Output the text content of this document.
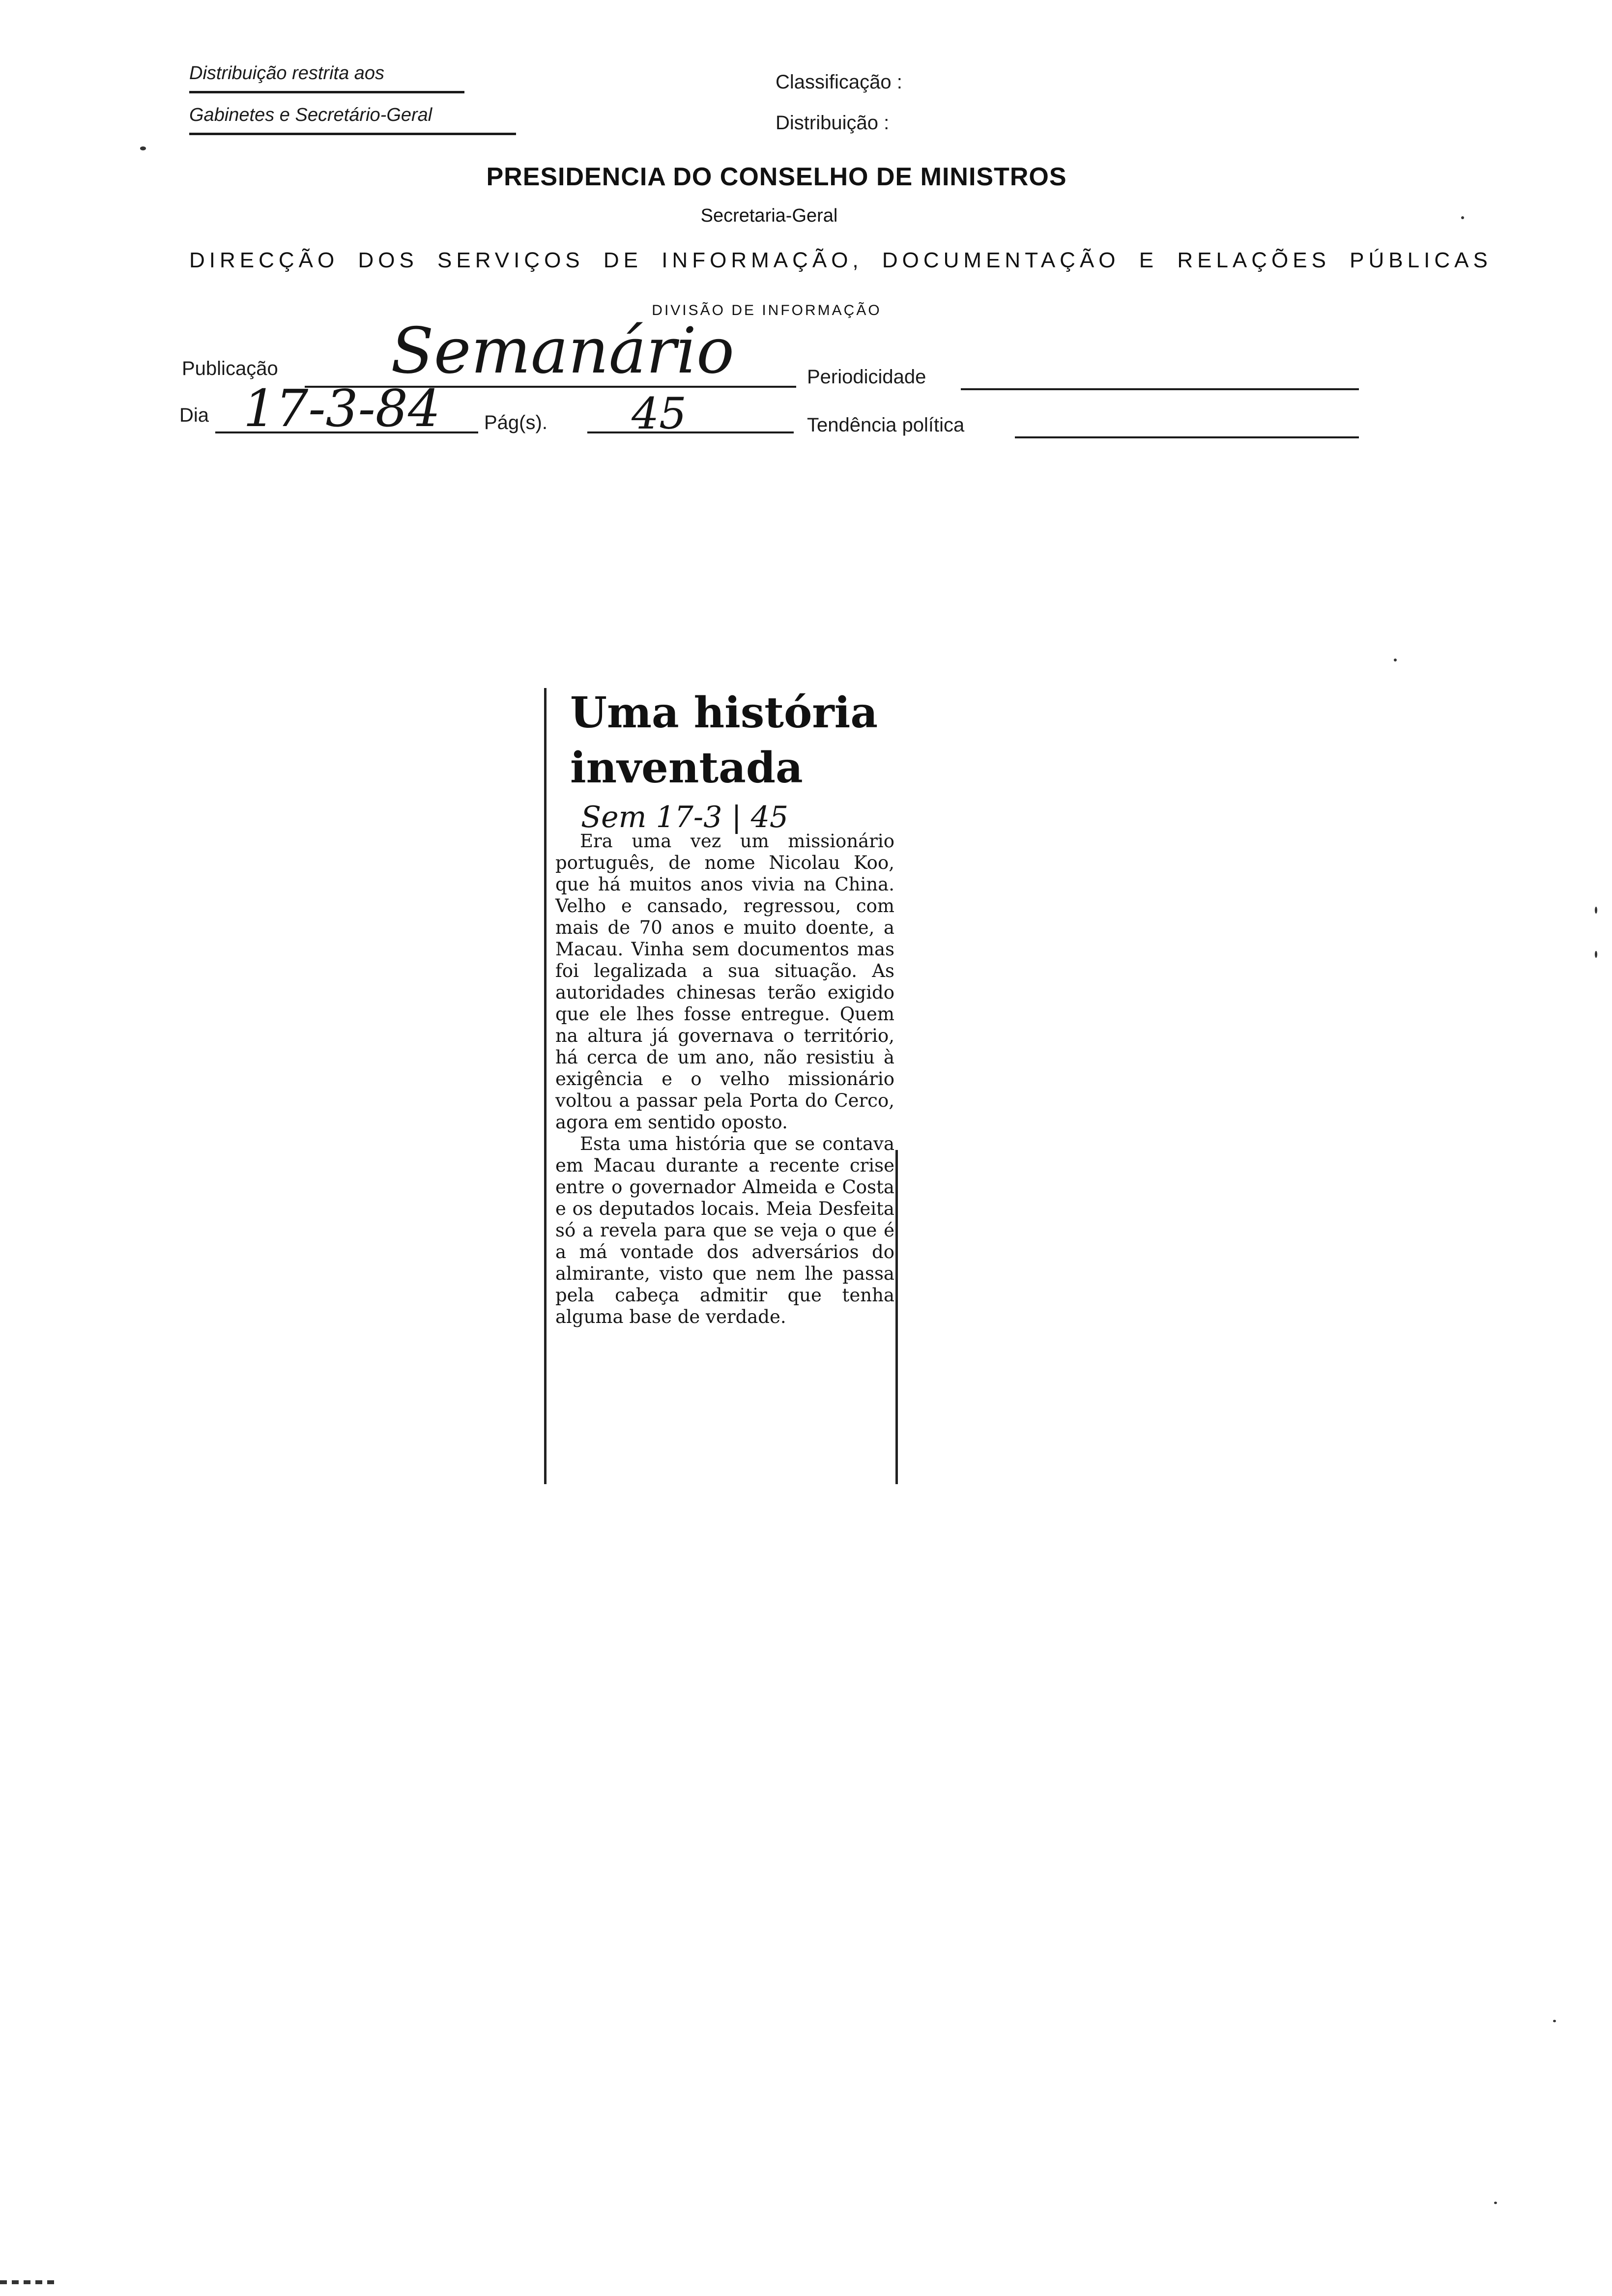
Distribuição restrita aos
Gabinetes e Secretário-Geral
Classificação :
Distribuição :
PRESIDENCIA DO CONSELHO DE MINISTROS
Secretaria-Geral
DIRECÇÃO DOS SERVIÇOS DE INFORMAÇÃO, DOCUMENTAÇÃO E RELAÇÕES PÚBLICAS
DIVISÃO DE INFORMAÇÃO
Publicação Semanário	Periodicidade
Dia 17-3-84 Pág(s). 45	Tendência política
Uma história
inventada
Sem 17-3 | 45

Era uma vez um missionário português, de nome Nicolau Koo, que há muitos anos vivia na China. Velho e cansado, regressou, com mais de 70 anos e muito doente, a Macau. Vinha sem documentos mas foi legalizada a sua situação. As autoridades chinesas terão exigido que ele lhes fosse entregue. Quem na altura já governava o território, há cerca de um ano, não resistiu à exigência e o velho missionário voltou a passar pela Porta do Cerco, agora em sentido oposto.

Esta uma história que se contava em Macau durante a recente crise entre o governador Almeida e Costa e os deputados locais. Meia Desfeita só a revela para que se veja o que é a má vontade dos adversários do almirante, visto que nem lhe passa pela cabeça admitir que tenha alguma base de verdade.
